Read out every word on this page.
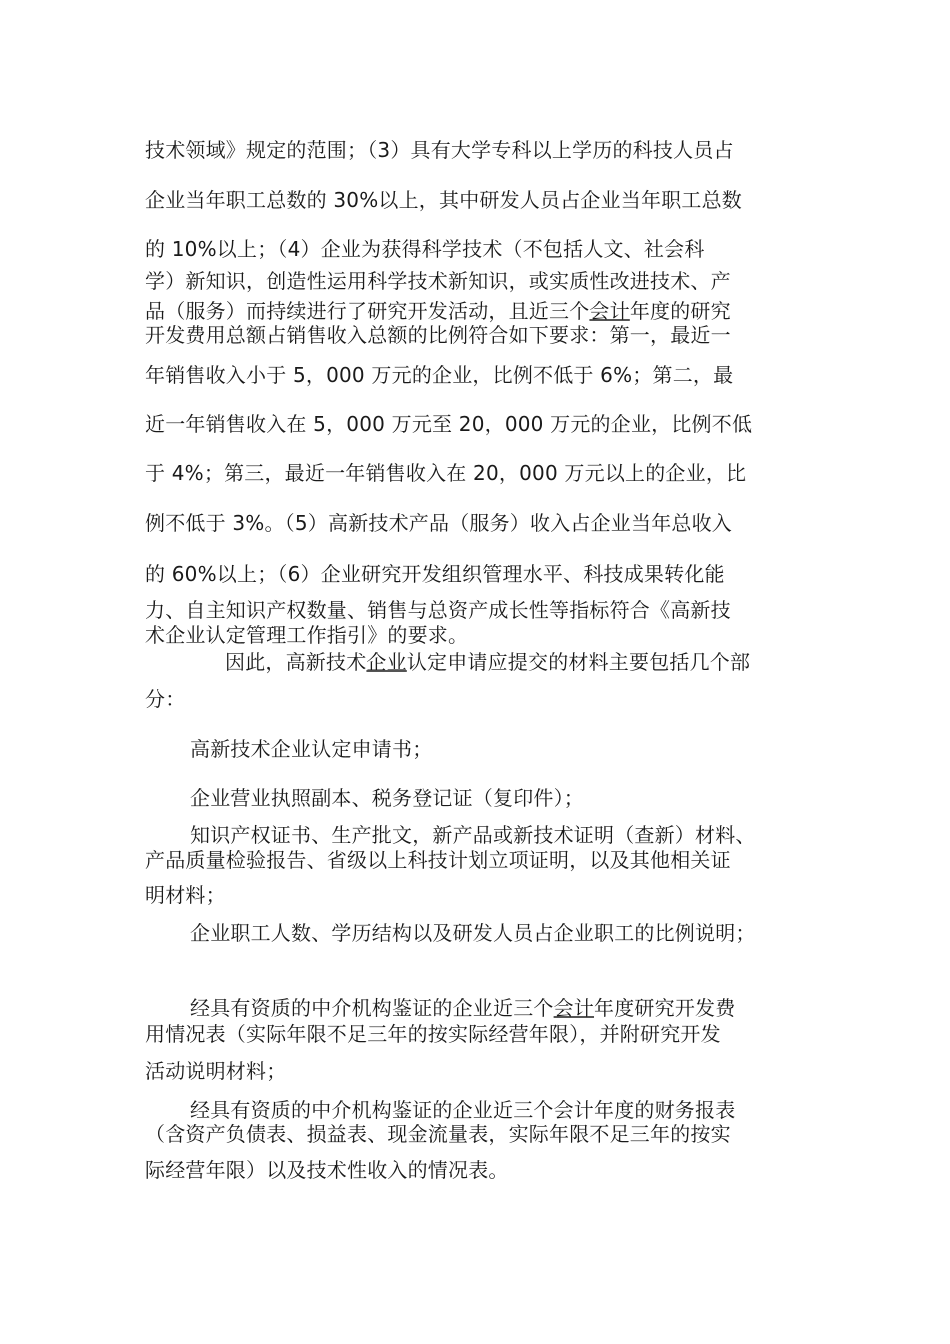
技术领域》规定的范围；（3）具有大学专科以上学历的科技人员占
企业当年职工总数的 30%以上，其中研发人员占企业当年职工总数
的 10%以上；（4）企业为获得科学技术（不包括人文、社会科
学）新知识，创造性运用科学技术新知识，或实质性改进技术、产
品（服务）而持续进行了研究开发活动，且近三个会计年度的研究
开发费用总额占销售收入总额的比例符合如下要求：第一，最近一
年销售收入小于 5，000 万元的企业，比例不低于 6%；第二，最
近一年销售收入在 5，000 万元至 20，000 万元的企业，比例不低
于 4%；第三，最近一年销售收入在 20，000 万元以上的企业，比
例不低于 3%。（5）高新技术产品（服务）收入占企业当年总收入
的 60%以上；（6）企业研究开发组织管理水平、科技成果转化能
力、自主知识产权数量、销售与总资产成长性等指标符合《高新技
术企业认定管理工作指引》的要求。
因此，高新技术企业认定申请应提交的材料主要包括几个部
分：
高新技术企业认定申请书；
企业营业执照副本、税务登记证（复印件）；
知识产权证书、生产批文，新产品或新技术证明（查新）材料、
产品质量检验报告、省级以上科技计划立项证明，以及其他相关证
明材料；
企业职工人数、学历结构以及研发人员占企业职工的比例说明；
经具有资质的中介机构鉴证的企业近三个会计年度研究开发费
用情况表（实际年限不足三年的按实际经营年限），并附研究开发
活动说明材料；
经具有资质的中介机构鉴证的企业近三个会计年度的财务报表
（含资产负债表、损益表、现金流量表，实际年限不足三年的按实
际经营年限）以及技术性收入的情况表。
